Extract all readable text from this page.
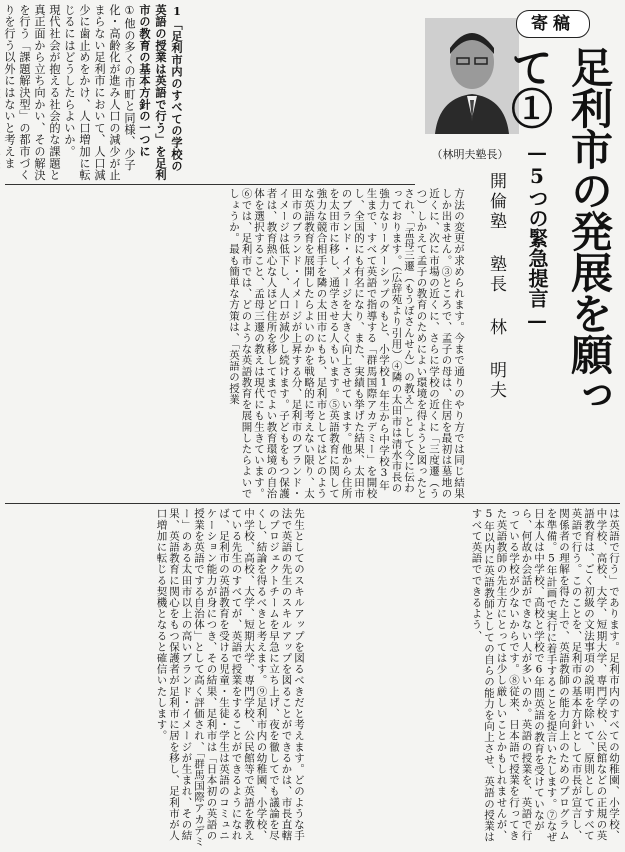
1「足利市内のすべての学校の英語の授業は英語で行う」を足利市の教育の基本方針の一つに ①他の多くの市町と同様、少子化・高齢化が進み人口の減少が止まらない足利市において、人口減少に歯止めをかけ、人口増加に転じるにはどうしたらよいか。 現代社会が抱える社会的な課題と真正面から立ち向かい、その解決を行う「課題解決型」の都市づくりを行う以外にはないと考えま
（林明夫塾長）
寄稿
足利市の発展を願って①
—5つの緊急提言—
開倫塾 塾長 林 明夫
方法の変更が求められます。今まで通りのやり方では同じ結果しか出ません。③ところで、孟子の母は、住居を最初は墓地の近くに、次に市場の近くに、さらに学校の近くに「三度遷（うつ）しかえて孟子の教育のためによい環境を得ようと図ったとされ、「孟母三遷（もうぼさんせん）の教え」として今に伝わっております。（広辞苑より引用）④隣の太田市は清水市長の強力なリーダーシップのもと、小学校1年生から中学校3年生まで、すべて英語で指導する「群馬国際アカデミー」を開校し、全国的にも有名になり、また、実績も挙げた結果、太田市のブランド・イメージを大きく向上させています。他から住所を太田市に移し、通学させる人もいます。⑤英語教育に関して強力な競合相手を隣の太田市にもち、足利市としてはどのような英語教育を展開したらよいのかを戦略的に考えない限り、太田市のブランド・イメージが上昇する分、足利市のブランド・イメージは低下し、人口が減少し続けます。子どもをもつ保護者は、教育熱心な人ほど住所を移してまでよい教育環境の自治体を選択すること、孟母三遷の教えは現代にも生きています。⑥では、足利市では、どのような英語教育を展開したらよいでしょうか。最も簡単な方策は、「英語の授業
は英語で行う」であります。足利市内のすべての幼稚園、小学校、中学校、高校、大学、短期大学、専門学校、公民館などの正規の英語教育は、ごく初級の文法事項の説明を除いて、原則としてすべて英語で行う。このことを、足利市の基本方針として市長が宣言し、関係者の理解を得た上で、英語教師の能力向上のためのプログラムを準備。5年計画で実行に着手することを提言いたします。⑦なぜ日本人は中学校、高校と学校で6年間英語の教育を受けていながら、何故か会話ができない人が多いのか。英語の授業を、英語で行っている学校が少ないからです。⑧従来、日本語で授業を行ってきた英語教師の先生方にとっては少し厳しいことかもしれませんが、5年以内に英語教師としての自らの能力を向上させ、英語の授業はすべて英語でできるよう、
先生としてのスキルアップを図るべきだと考えます。どのような手法で英語の先生のスキルアップを図ることができるかは、市長直轄のプロジェクトチームを早急に立ち上げ、夜を徹してでも議論を尽くし、結論を得るべきと考えます。⑨足利市内の幼稚園、小学校、中学校、高校、大学、短期大学、専門学校、公民館等で英語を教えている先生のすべてが、英語で授業をすることができるようになれば、足利市の英語教育を受ける児童・生徒・学生は英語のコミュニケーション能力が身につき、その結果、足利市は「日本初の英語の授業を英語でする自治体」として高く評価され、「群馬国際アカデミー」のある太田市以上の高いブランド・イメージが生まれ、その結果、英語教育に関心をもつ保護者が足利市に居を移し、足利市が人口増加に転じる契機となると確信いたします。
